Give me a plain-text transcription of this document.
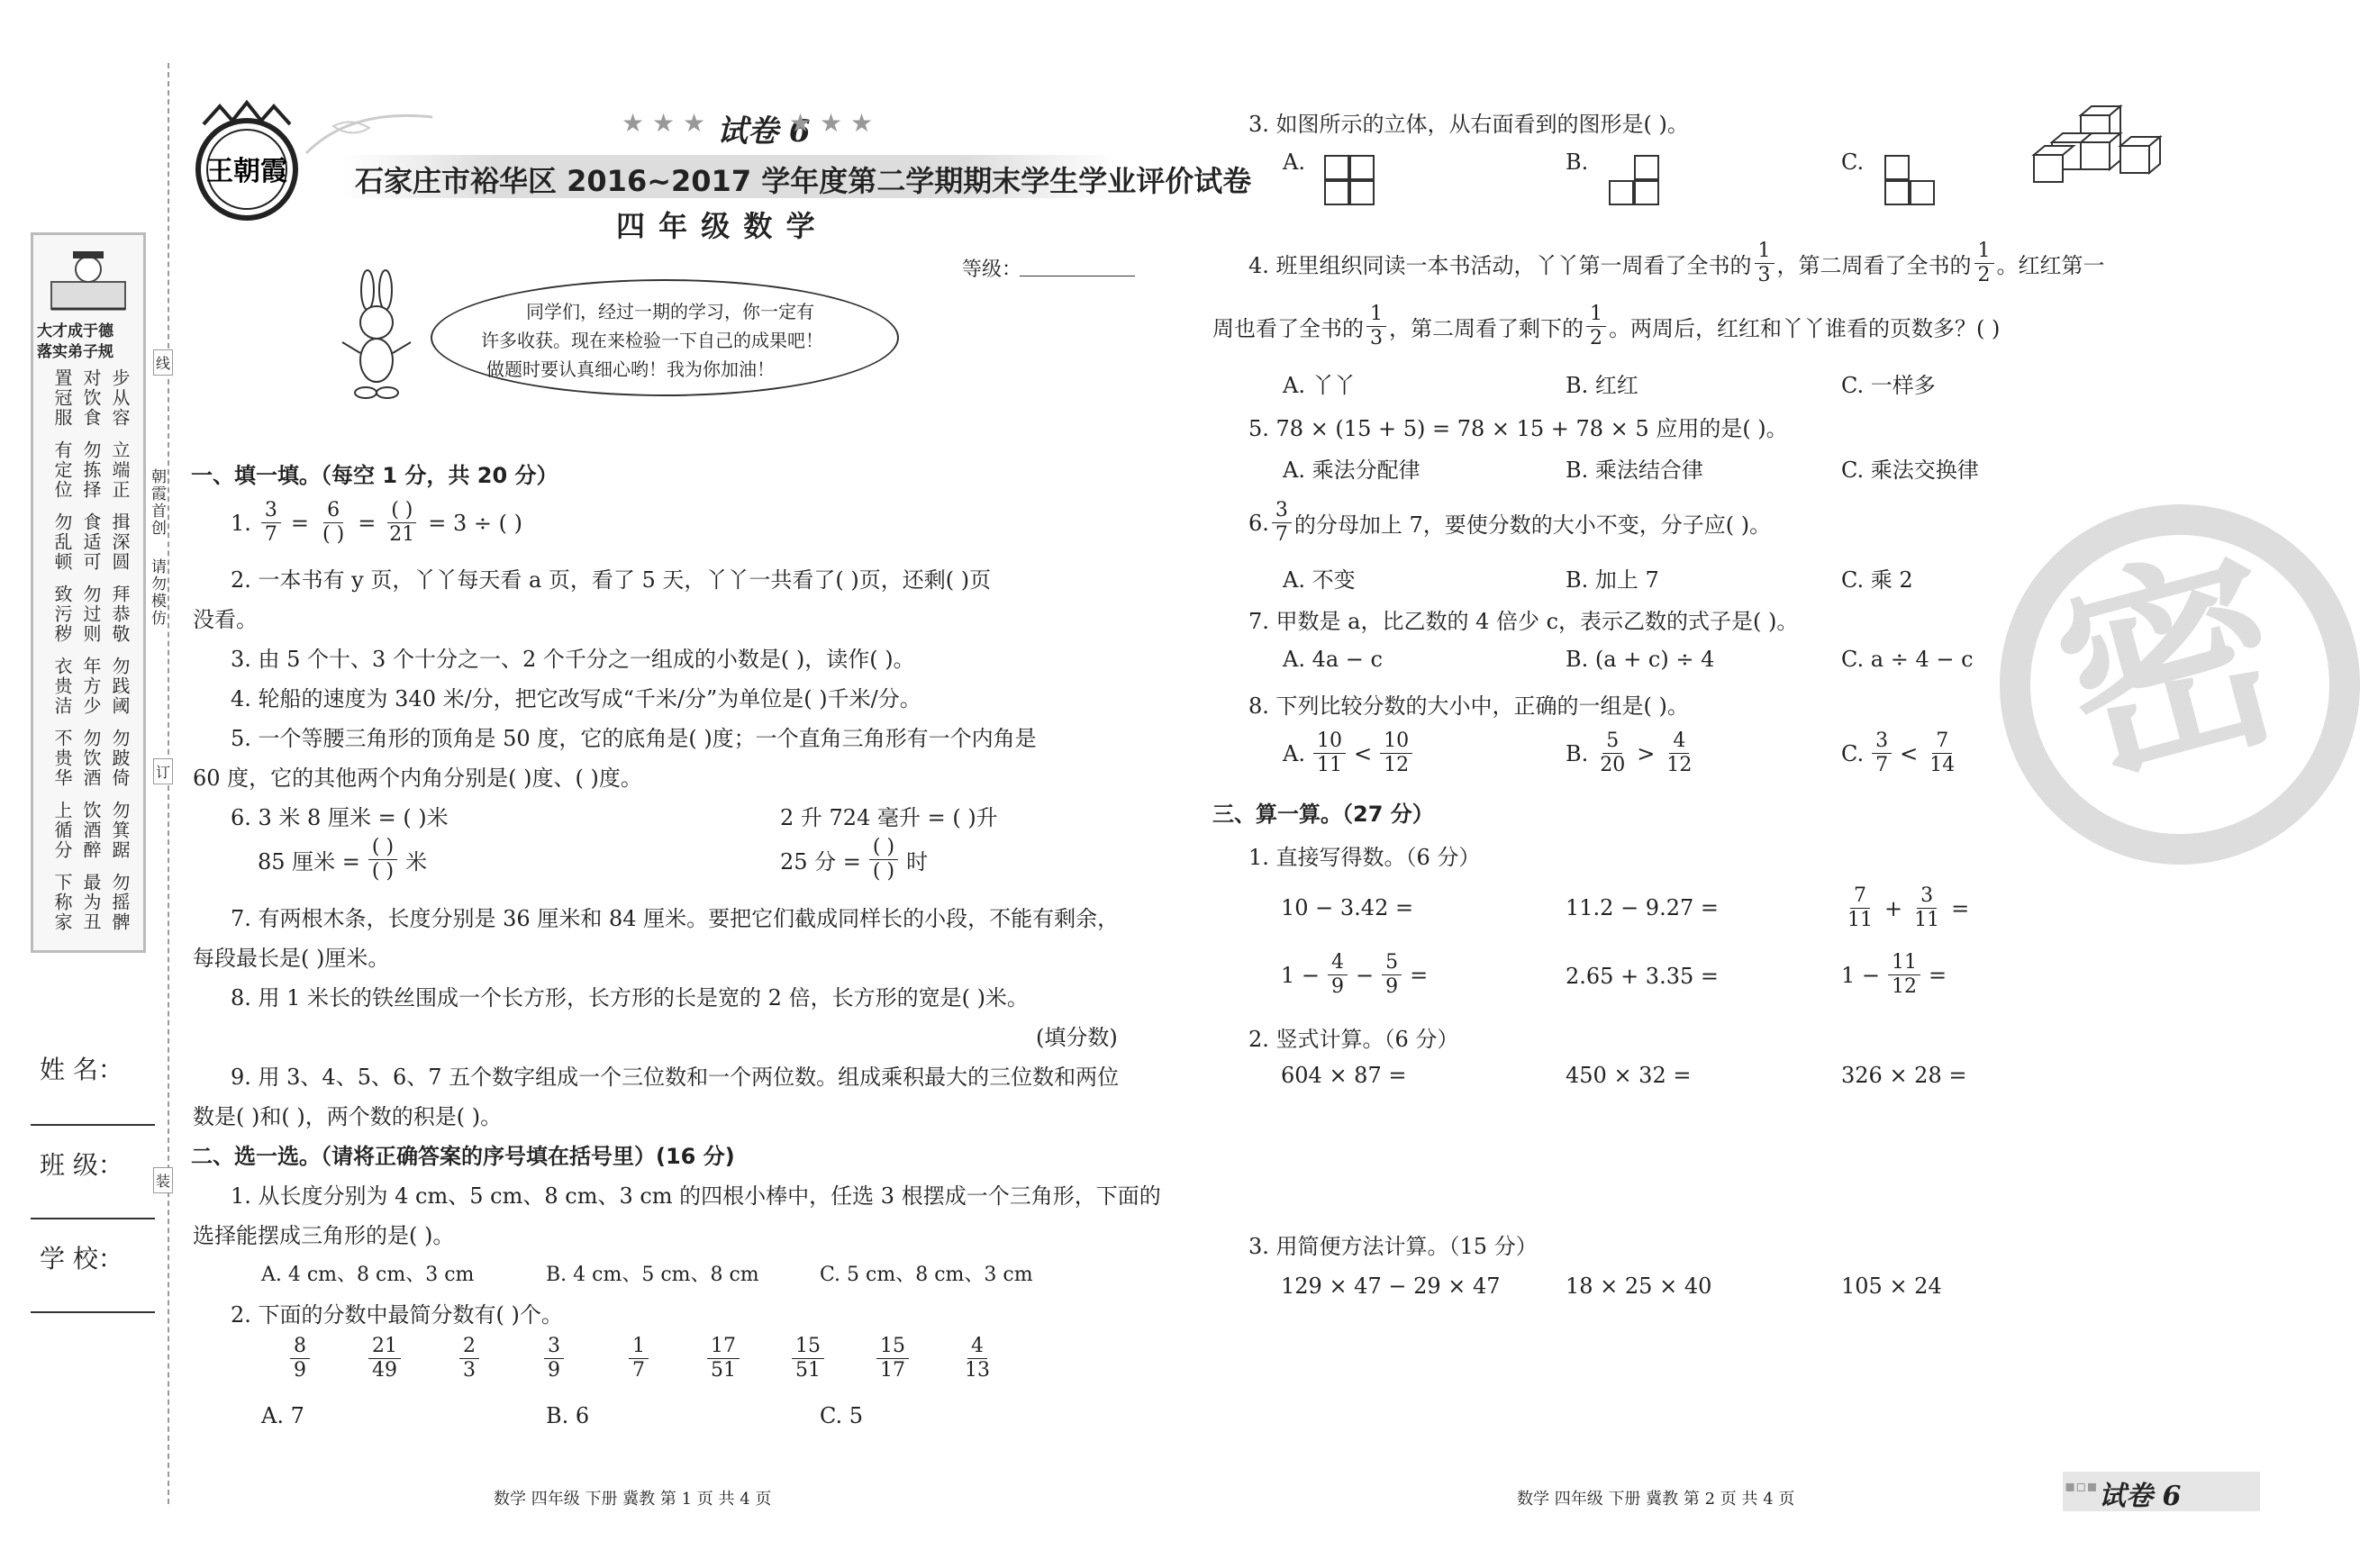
线
订
装
朝霞首创
请勿模仿
大才成于德
落实弟子规
步从容
对饮食
置冠服
立端正
勿拣择
有定位
揖深圆
食适可
勿乱顿
拜恭敬
勿过则
致污秽
勿践阈
年方少
衣贵洁
勿跛倚
勿饮酒
不贵华
勿箕踞
饮酒醉
上循分
勿摇髀
最为丑
下称家
姓 名：
班 级：
学 校：
王朝霞
★ ★ ★ 试卷 6
★ ★ ★
石家庄市裕华区 2016~2017 学年度第二学期期末学生学业评价试卷
四 年 级 数 学
等级：
同学们，经过一期的学习，你一定有
许多收获。现在来检验一下自己的成果吧！
做题时要认真细心哟！我为你加油！
一、填一填。（每空 1 分，共 20 分）
1. $\frac{3}{7} = \frac{6}{( )} = \frac{( )}{21} = 3$ ÷ ( )
2. 一本书有 y 页，丫丫每天看 a 页，看了 5 天，丫丫一共看了( )页，还剩( )页
没看。
3. 由 5 个十、3 个十分之一、2 个千分之一组成的小数是( )，读作( )。
4. 轮船的速度为 340 米/分，把它改写成“千米/分”为单位是( )千米/分。
5. 一个等腰三角形的顶角是 50 度，它的底角是( )度；一个直角三角形有一个内角是
60 度，它的其他两个内角分别是( )度、( )度。
6. 3 米 8 厘米 = ( )米	2 升 724 毫升 = ( )升
85 厘米 = $\frac{( )}{( )}$ 米	25 分 = $\frac{( )}{( )}$ 时
7. 有两根木条，长度分别是 36 厘米和 84 厘米。要把它们截成同样长的小段，不能有剩余，
每段最长是( )厘米。
8. 用 1 米长的铁丝围成一个长方形，长方形的长是宽的 2 倍，长方形的宽是( )米。
(填分数)
9. 用 3、4、5、6、7 五个数字组成一个三位数和一个两位数。组成乘积最大的三位数和两位
数是( )和( )，两个数的积是( )。
二、选一选。（请将正确答案的序号填在括号里）(16 分)
1. 从长度分别为 4 cm、5 cm、8 cm、3 cm 的四根小棒中，任选 3 根摆成一个三角形，下面的
选择能摆成三角形的是( )。
A. 4 cm、8 cm、3 cm	B. 4 cm、5 cm、8 cm	C. 5 cm、8 cm、3 cm
2. 下面的分数中最简分数有( )个。
$\frac{8}{9} \frac{21}{49} \frac{2}{3} \frac{3}{9} \frac{1}{7} \frac{17}{51} \frac{15}{51} \frac{15}{17} \frac{4}{13}$
A. 7	B. 6	C. 5
数学 四年级 下册 冀教 第 1 页 共 4 页
3. 如图所示的立体，从右面看到的图形是( )。
A.	B.	C.
4. 班里组织同读一本书活动，丫丫第一周看了全书的 $\frac{1}{3}$ ，第二周看了全书的 $\frac{1}{2}$ 。红红第一
周也看了全书的 $\frac{1}{3}$ ，第二周看了剩下的 $\frac{1}{2}$ 。两周后，红红和丫丫谁看的页数多？( )
A. 丫丫	B. 红红	C. 一样多
5. 78 × (15 + 5) = 78 × 15 + 78 × 5 应用的是( )。
A. 乘法分配律	B. 乘法结合律	C. 乘法交换律
6. $\frac{3}{7}$ 的分母加上 7，要使分数的大小不变，分子应( )。
A. 不变	B. 加上 7	C. 乘 2
7. 甲数是 a，比乙数的 4 倍少 c，表示乙数的式子是( )。
A. 4a − c	B. (a + c) ÷ 4	C. a ÷ 4 − c
8. 下列比较分数的大小中，正确的一组是( )。
A. $\frac{10}{11} < \frac{10}{12}$	B. $\frac{5}{20} > \frac{4}{12}$	C. $\frac{3}{7} < \frac{7}{14}$
三、算一算。（27 分）
1. 直接写得数。（6 分）
10 − 3.42 =	11.2 − 9.27 =	$\frac{7}{11} + \frac{3}{11}$ =
$1 - \frac{4}{9} - \frac{5}{9}$ =	2.65 + 3.35 =	$1 - \frac{11}{12}$ =
2. 竖式计算。（6 分）
604 × 87 =	450 × 32 =	326 × 28 =
3. 用简便方法计算。（15 分）
129 × 47 − 29 × 47	18 × 25 × 40	105 × 24
密
数学 四年级 下册 冀教 第 2 页 共 4 页
▪▫▪ 试卷 6
